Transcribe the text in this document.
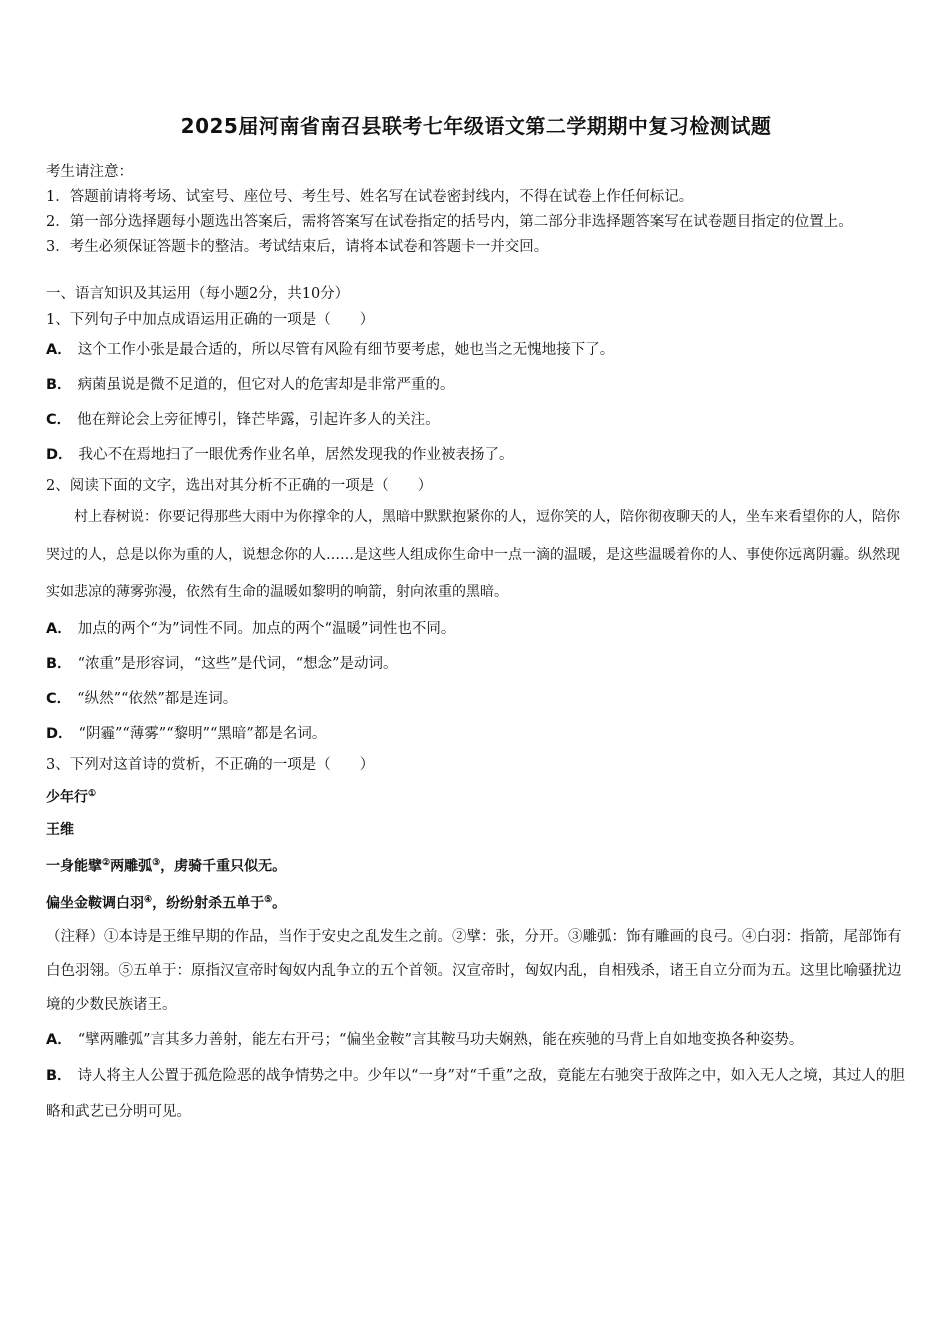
2025届河南省南召县联考七年级语文第二学期期中复习检测试题
考生请注意：
1．答题前请将考场、试室号、座位号、考生号、姓名写在试卷密封线内，不得在试卷上作任何标记。
2．第一部分选择题每小题选出答案后，需将答案写在试卷指定的括号内，第二部分非选择题答案写在试卷题目指定的位置上。
3．考生必须保证答题卡的整洁。考试结束后，请将本试卷和答题卡一并交回。
一、语言知识及其运用（每小题2分，共10分）
1、下列句子中加点成语运用正确的一项是（　　）
A． 这个工作小张是最合适的，所以尽管有风险有细节要考虑，她也当之无愧地接下了。
B． 病菌虽说是微不足道的，但它对人的危害却是非常严重的。
C． 他在辩论会上旁征博引，锋芒毕露，引起许多人的关注。
D． 我心不在焉地扫了一眼优秀作业名单，居然发现我的作业被表扬了。
2、阅读下面的文字，选出对其分析不正确的一项是（　　）

村上春树说：你要记得那些大雨中为你撑伞的人，黑暗中默默抱紧你的人，逗你笑的人，陪你彻夜聊天的人，坐车来看望你的人，陪你哭过的人，总是以你为重的人，说想念你的人……是这些人组成你生命中一点一滴的温暖，是这些温暖着你的人、事使你远离阴霾。纵然现实如悲凉的薄雾弥漫，依然有生命的温暖如黎明的响箭，射向浓重的黑暗。

A． 加点的两个“为”词性不同。加点的两个“温暖”词性也不同。
B． “浓重”是形容词，“这些”是代词，“想念”是动词。
C． “纵然”“依然”都是连词。
D． “阴霾”“薄雾”“黎明”“黑暗”都是名词。
3、下列对这首诗的赏析，不正确的一项是（　　）
少年行①
王维
一身能擘②两雕弧③，虏骑千重只似无。
偏坐金鞍调白羽④，纷纷射杀五单于⑤。
（注释）①本诗是王维早期的作品，当作于安史之乱发生之前。②擘：张，分开。③雕弧：饰有雕画的良弓。④白羽：指箭，尾部饰有白色羽翎。⑤五单于：原指汉宣帝时匈奴内乱争立的五个首领。汉宣帝时，匈奴内乱，自相残杀，诸王自立分而为五。这里比喻骚扰边境的少数民族诸王。
A． “擘两雕弧”言其多力善射，能左右开弓；“偏坐金鞍”言其鞍马功夫娴熟，能在疾驰的马背上自如地变换各种姿势。
B． 诗人将主人公置于孤危险恶的战争情势之中。少年以“一身”对“千重”之敌，竟能左右驰突于敌阵之中，如入无人之境，其过人的胆略和武艺已分明可见。
